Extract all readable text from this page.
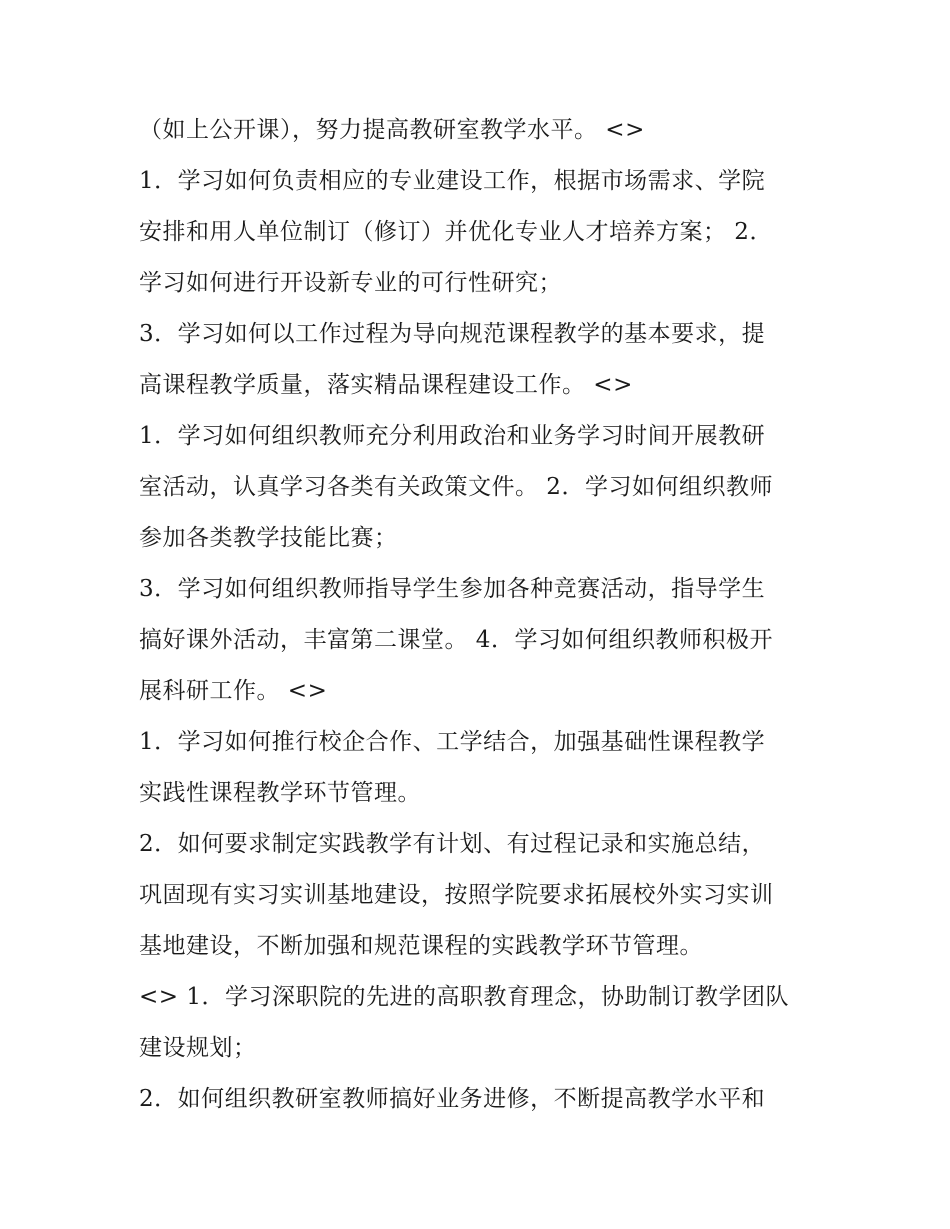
（如上公开课），努力提高教研室教学水平。 <>
1．学习如何负责相应的专业建设工作，根据市场需求、学院
安排和用人单位制订（修订）并优化专业人才培养方案； 2．
学习如何进行开设新专业的可行性研究；
3．学习如何以工作过程为导向规范课程教学的基本要求，提
高课程教学质量，落实精品课程建设工作。 <>
1．学习如何组织教师充分利用政治和业务学习时间开展教研
室活动，认真学习各类有关政策文件。 2．学习如何组织教师
参加各类教学技能比赛；
3．学习如何组织教师指导学生参加各种竞赛活动，指导学生
搞好课外活动，丰富第二课堂。 4．学习如何组织教师积极开
展科研工作。 <>
1．学习如何推行校企合作、工学结合，加强基础性课程教学
实践性课程教学环节管理。
2．如何要求制定实践教学有计划、有过程记录和实施总结，
巩固现有实习实训基地建设，按照学院要求拓展校外实习实训
基地建设，不断加强和规范课程的实践教学环节管理。
<> 1．学习深职院的先进的高职教育理念，协助制订教学团队
建设规划；
2．如何组织教研室教师搞好业务进修，不断提高教学水平和
